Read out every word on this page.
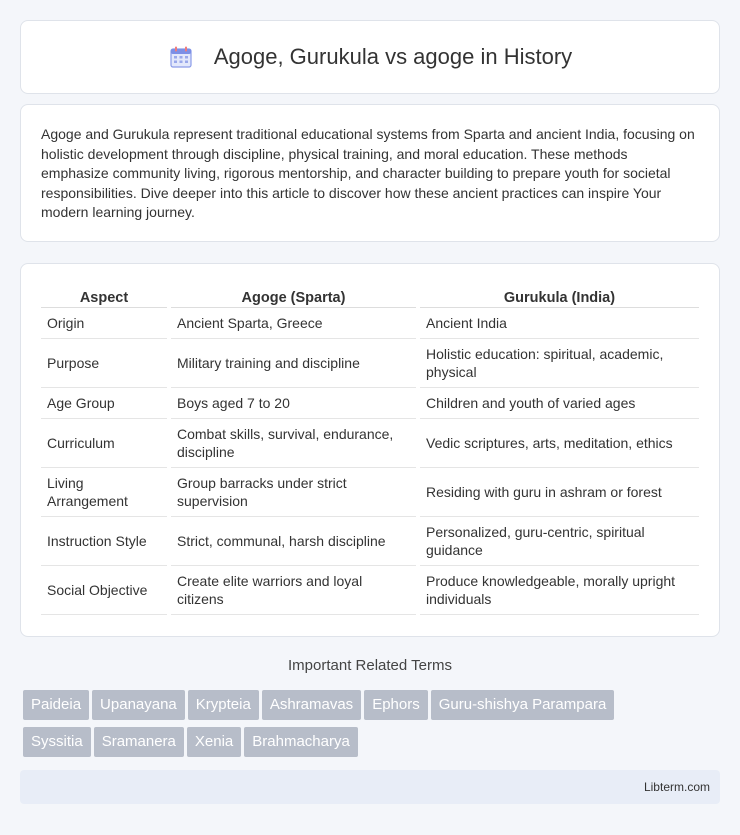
Agoge, Gurukula vs agoge in History

Agoge and Gurukula represent traditional educational systems from Sparta and ancient India, focusing on holistic development through discipline, physical training, and moral education. These methods emphasize community living, rigorous mentorship, and character building to prepare youth for societal responsibilities. Dive deeper into this article to discover how these ancient practices can inspire Your modern learning journey.

Aspect	Agoge (Sparta)	Gurukula (India)
Origin	Ancient Sparta, Greece	Ancient India
Purpose	Military training and discipline	Holistic education: spiritual, academic, physical
Age Group	Boys aged 7 to 20	Children and youth of varied ages
Curriculum	Combat skills, survival, endurance, discipline	Vedic scriptures, arts, meditation, ethics
Living Arrangement	Group barracks under strict supervision	Residing with guru in ashram or forest
Instruction Style	Strict, communal, harsh discipline	Personalized, guru-centric, spiritual guidance
Social Objective	Create elite warriors and loyal citizens	Produce knowledgeable, morally upright individuals
Important Related Terms
Paideia Upanayana Krypteia Ashramavas Ephors Guru-shishya Parampara
Syssitia Sramanera Xenia Brahmacharya
Libterm.com
